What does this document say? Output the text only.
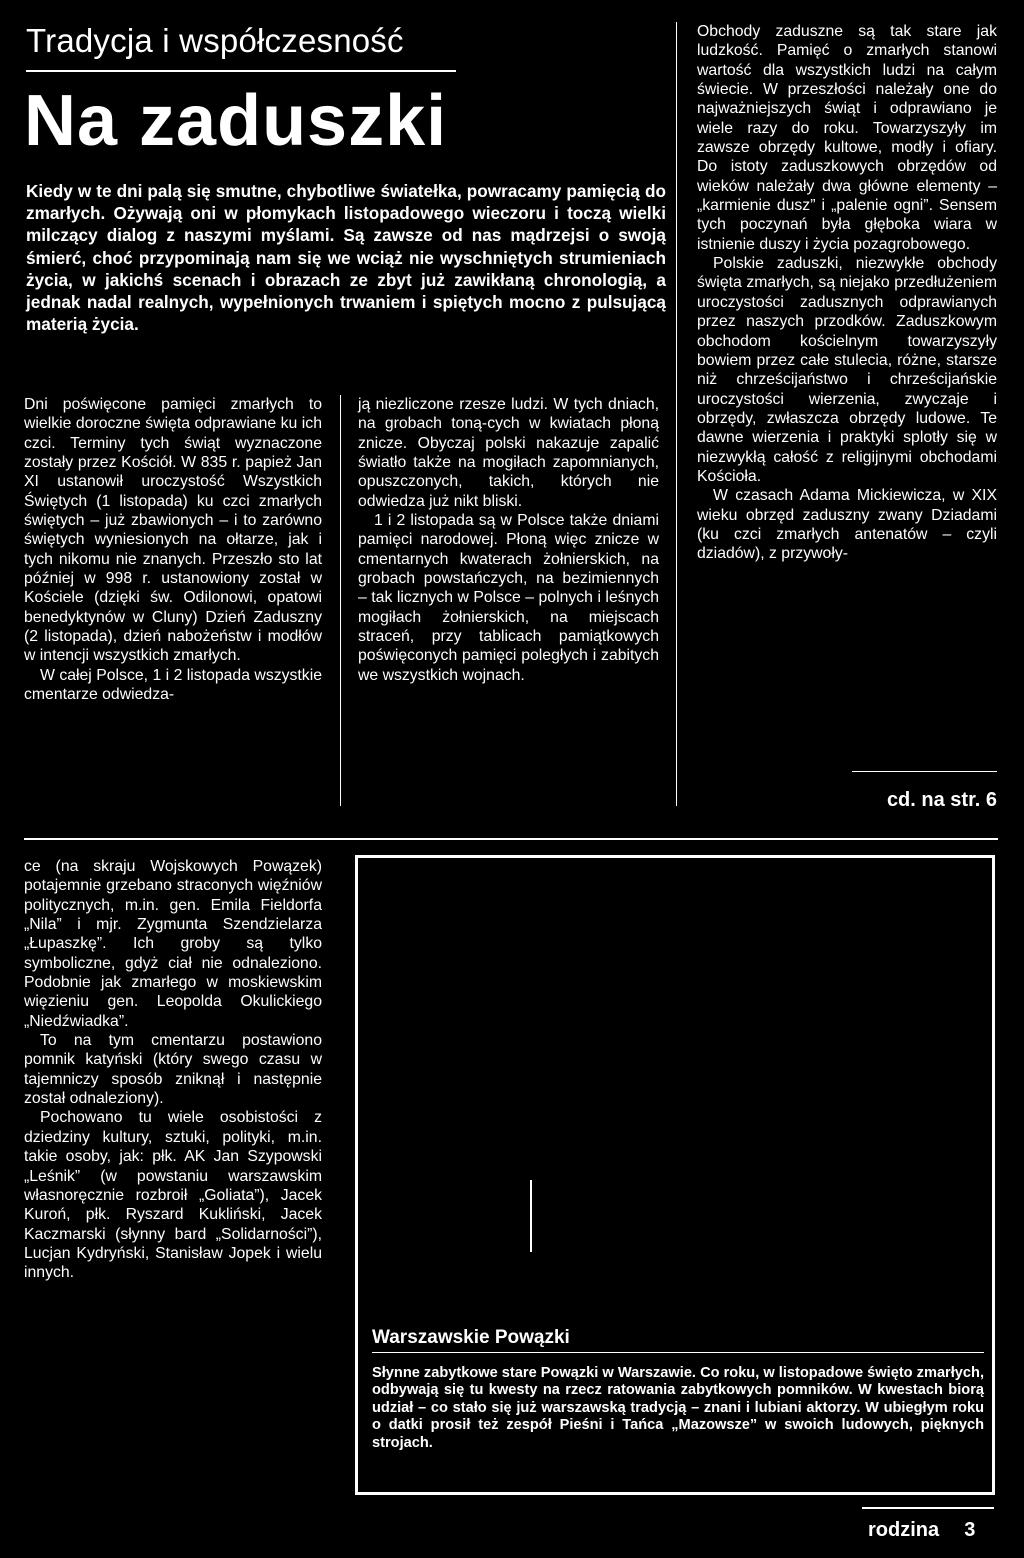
Tradycja i współczesność
Na zaduszki

Kiedy w te dni palą się smutne, chybotliwe światełka, powracamy pamięcią do zmarłych. Ożywają oni w płomykach listopadowego wieczoru i toczą wielki milczący dialog z naszymi myślami. Są zawsze od nas mądrzejsi o swoją śmierć, choć przypominają nam się we wciąż nie wyschniętych strumieniach życia, w jakichś scenach i obrazach ze zbyt już zawikłaną chronologią, a jednak nadal realnych, wypełnionych trwaniem i spiętych mocno z pulsującą materią życia.

Dni poświęcone pamięci zmarłych to wielkie doroczne święta odprawiane ku ich czci. Terminy tych świąt wyznaczone zostały przez Kościół. W 835 r. papież Jan XI ustanowił uroczystość Wszystkich Świętych (1 listopada) ku czci zmarłych świętych – już zbawionych – i to zarówno świętych wyniesionych na ołtarze, jak i tych nikomu nie znanych. Przeszło sto lat później w 998 r. ustanowiony został w Kościele (dzięki św. Odilonowi, opatowi benedyktynów w Cluny) Dzień Zaduszny (2 listopada), dzień nabożeństw i modłów w intencji wszystkich zmarłych.

W całej Polsce, 1 i 2 listopada wszystkie cmentarze odwiedza-

ją niezliczone rzesze ludzi. W tych dniach, na grobach toną-cych w kwiatach płoną znicze. Obyczaj polski nakazuje zapalić światło także na mogiłach zapomnianych, opuszczonych, takich, których nie odwiedza już nikt bliski.

1 i 2 listopada są w Polsce także dniami pamięci narodowej. Płoną więc znicze w cmentarnych kwaterach żołnierskich, na grobach powstańczych, na bezimiennych – tak licznych w Polsce – polnych i leśnych mogiłach żołnierskich, na miejscach straceń, przy tablicach pamiątkowych poświęconych pamięci poległych i zabitych we wszystkich wojnach.

Obchody zaduszne są tak stare jak ludzkość. Pamięć o zmarłych stanowi wartość dla wszystkich ludzi na całym świecie. W przeszłości należały one do najważniejszych świąt i odprawiano je wiele razy do roku. Towarzyszyły im zawsze obrzędy kultowe, modły i ofiary. Do istoty zaduszkowych obrzędów od wieków należały dwa główne elementy – „karmienie dusz” i „palenie ogni”. Sensem tych poczynań była głęboka wiara w istnienie duszy i życia pozagrobowego.

Polskie zaduszki, niezwykłe obchody święta zmarłych, są niejako przedłużeniem uroczystości zadusznych odprawianych przez naszych przodków. Zaduszkowym obchodom kościelnym towarzyszyły bowiem przez całe stulecia, różne, starsze niż chrześcijaństwo i chrześcijańskie uroczystości wierzenia, zwyczaje i obrzędy, zwłaszcza obrzędy ludowe. Te dawne wierzenia i praktyki splotły się w niezwykłą całość z religijnymi obchodami Kościoła.

W czasach Adama Mickiewicza, w XIX wieku obrzęd zaduszny zwany Dziadami (ku czci zmarłych antenatów – czyli dziadów), z przywoły-

cd. na str. 6

ce (na skraju Wojskowych Powązek) potajemnie grzebano straconych więźniów politycznych, m.in. gen. Emila Fieldorfa „Nila” i mjr. Zygmunta Szendzielarza „Łupaszkę”. Ich groby są tylko symboliczne, gdyż ciał nie odnaleziono. Podobnie jak zmarłego w moskiewskim więzieniu gen. Leopolda Okulickiego „Niedźwiadka”.

To na tym cmentarzu postawiono pomnik katyński (który swego czasu w tajemniczy sposób zniknął i następnie został odnaleziony).

Pochowano tu wiele osobistości z dziedziny kultury, sztuki, polityki, m.in. takie osoby, jak: płk. AK Jan Szypowski „Leśnik” (w powstaniu warszawskim własnoręcznie rozbroił „Goliata”), Jacek Kuroń, płk. Ryszard Kukliński, Jacek Kaczmarski (słynny bard „Solidarności”), Lucjan Kydryński, Stanisław Jopek i wielu innych.

Warszawskie Powązki
Słynne zabytkowe stare Powązki w Warszawie. Co roku, w listopadowe święto zmarłych, odbywają się tu kwesty na rzecz ratowania zabytkowych pomników. W kwestach biorą udział – co stało się już warszawską tradycją – znani i lubiani aktorzy. W ubiegłym roku o datki prosił też zespół Pieśni i Tańca „Mazowsze” w swoich ludowych, pięknych strojach.
rodzina 3
